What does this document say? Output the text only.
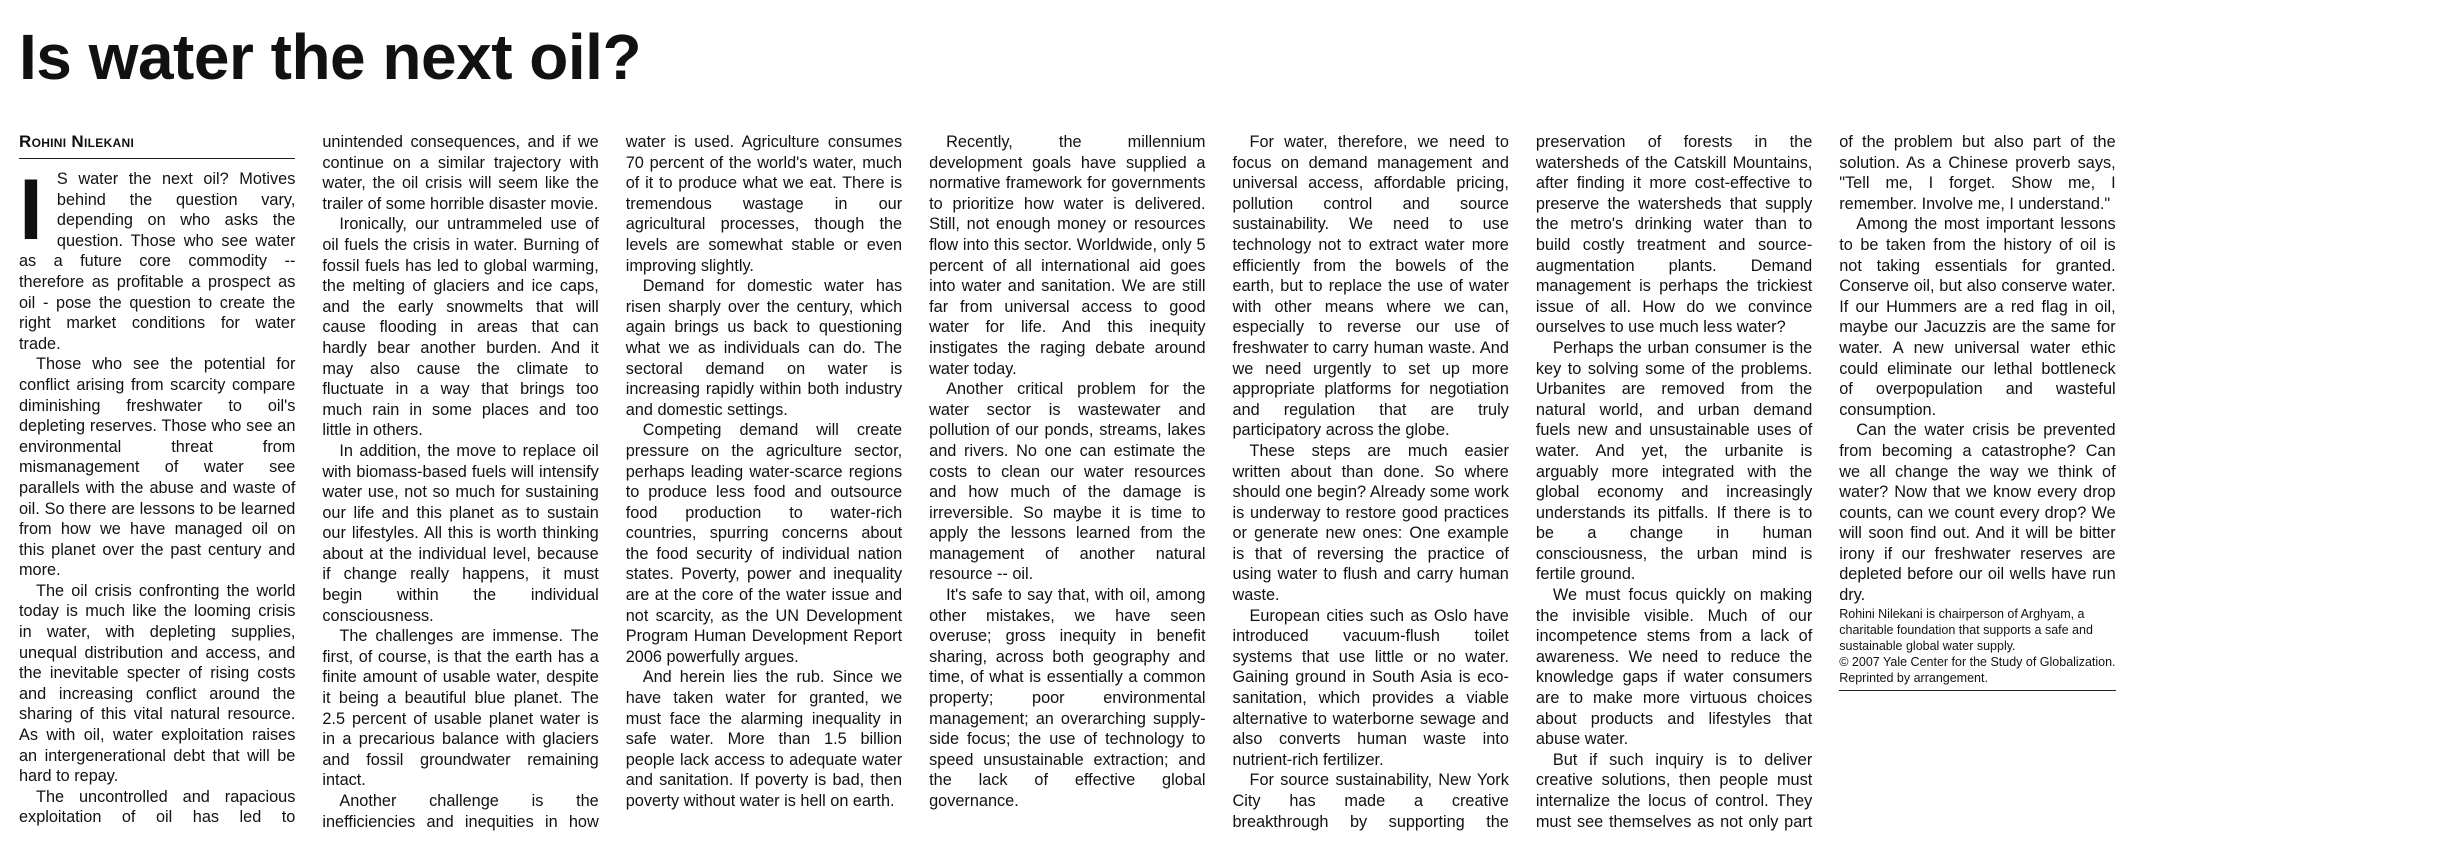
Is water the next oil?
Rohini Nilekani

I S water the next oil? Motives behind the question vary, depending on who asks the question. Those who see water as a future core commodity -- therefore as profitable a prospect as oil - pose the question to create the right market conditions for water trade.

Those who see the potential for conflict arising from scarcity compare diminishing freshwater to oil's depleting reserves. Those who see an environmental threat from mismanagement of water see parallels with the abuse and waste of oil. So there are lessons to be learned from how we have managed oil on this planet over the past century and more.

The oil crisis confronting the world today is much like the looming crisis in water, with depleting supplies, unequal distribution and access, and the inevitable specter of rising costs and increasing conflict around the sharing of this vital natural resource. As with oil, water exploitation raises an intergenerational debt that will be hard to repay.

The uncontrolled and rapacious exploitation of oil has led to unintended consequences, and if we continue on a similar trajectory with water, the oil crisis will seem like the trailer of some horrible disaster movie.

Ironically, our untrammeled use of oil fuels the crisis in water. Burning of fossil fuels has led to global warming, the melting of glaciers and ice caps, and the early snowmelts that will cause flooding in areas that can hardly bear another burden. And it may also cause the climate to fluctuate in a way that brings too much rain in some places and too little in others.

In addition, the move to replace oil with biomass-based fuels will intensify water use, not so much for sustaining our life and this planet as to sustain our lifestyles. All this is worth thinking about at the individual level, because if change really happens, it must begin within the individual consciousness.

The challenges are immense. The first, of course, is that the earth has a finite amount of usable water, despite it being a beautiful blue planet. The 2.5 percent of usable planet water is in a precarious balance with glaciers and fossil groundwater remaining intact.

Another challenge is the inefficiencies and inequities in how water is used. Agriculture consumes 70 percent of the world's water, much of it to produce what we eat. There is tremendous wastage in our agricultural processes, though the levels are somewhat stable or even improving slightly.

Demand for domestic water has risen sharply over the century, which again brings us back to questioning what we as individuals can do. The sectoral demand on water is increasing rapidly within both industry and domestic settings.

Competing demand will create pressure on the agriculture sector, perhaps leading water-scarce regions to produce less food and outsource food production to water-rich countries, spurring concerns about the food security of individual nation states. Poverty, power and inequality are at the core of the water issue and not scarcity, as the UN Development Program Human Development Report 2006 powerfully argues.

And herein lies the rub. Since we have taken water for granted, we must face the alarming inequality in safe water. More than 1.5 billion people lack access to adequate water and sanitation. If poverty is bad, then poverty without water is hell on earth.

Recently, the millennium development goals have supplied a normative framework for governments to prioritize how water is delivered. Still, not enough money or resources flow into this sector. Worldwide, only 5 percent of all international aid goes into water and sanitation. We are still far from universal access to good water for life. And this inequity instigates the raging debate around water today.

Another critical problem for the water sector is wastewater and pollution of our ponds, streams, lakes and rivers. No one can estimate the costs to clean our water resources and how much of the damage is irreversible. So maybe it is time to apply the lessons learned from the management of another natural resource -- oil.

It's safe to say that, with oil, among other mistakes, we have seen overuse; gross inequity in benefit sharing, across both geography and time, of what is essentially a common property; poor environmental management; an overarching supply-side focus; the use of technology to speed unsustainable extraction; and the lack of effective global governance.

For water, therefore, we need to focus on demand management and universal access, affordable pricing, pollution control and source sustainability. We need to use technology not to extract water more efficiently from the bowels of the earth, but to replace the use of water with other means where we can, especially to reverse our use of freshwater to carry human waste. And we need urgently to set up more appropriate platforms for negotiation and regulation that are truly participatory across the globe.

These steps are much easier written about than done. So where should one begin? Already some work is underway to restore good practices or generate new ones: One example is that of reversing the practice of using water to flush and carry human waste.

European cities such as Oslo have introduced vacuum-flush toilet systems that use little or no water. Gaining ground in South Asia is eco-sanitation, which provides a viable alternative to waterborne sewage and also converts human waste into nutrient-rich fertilizer.

For source sustainability, New York City has made a creative breakthrough by supporting the preservation of forests in the watersheds of the Catskill Mountains, after finding it more cost-effective to preserve the watersheds that supply the metro's drinking water than to build costly treatment and source-augmentation plants. Demand management is perhaps the trickiest issue of all. How do we convince ourselves to use much less water?

Perhaps the urban consumer is the key to solving some of the problems. Urbanites are removed from the natural world, and urban demand fuels new and unsustainable uses of water. And yet, the urbanite is arguably more integrated with the global economy and increasingly understands its pitfalls. If there is to be a change in human consciousness, the urban mind is fertile ground.

We must focus quickly on making the invisible visible. Much of our incompetence stems from a lack of awareness. We need to reduce the knowledge gaps if water consumers are to make more virtuous choices about products and lifestyles that abuse water.

But if such inquiry is to deliver creative solutions, then people must internalize the locus of control. They must see themselves as not only part of the problem but also part of the solution. As a Chinese proverb says, "Tell me, I forget. Show me, I remember. Involve me, I understand."

Among the most important lessons to be taken from the history of oil is not taking essentials for granted. Conserve oil, but also conserve water. If our Hummers are a red flag in oil, maybe our Jacuzzis are the same for water. A new universal water ethic could eliminate our lethal bottleneck of overpopulation and wasteful consumption.

Can the water crisis be prevented from becoming a catastrophe? Can we all change the way we think of water? Now that we know every drop counts, can we count every drop? We will soon find out. And it will be bitter irony if our freshwater reserves are depleted before our oil wells have run dry.

Rohini Nilekani is chairperson of Arghyam, a charitable foundation that supports a safe and sustainable global water supply.

© 2007 Yale Center for the Study of Globalization. Reprinted by arrangement.
